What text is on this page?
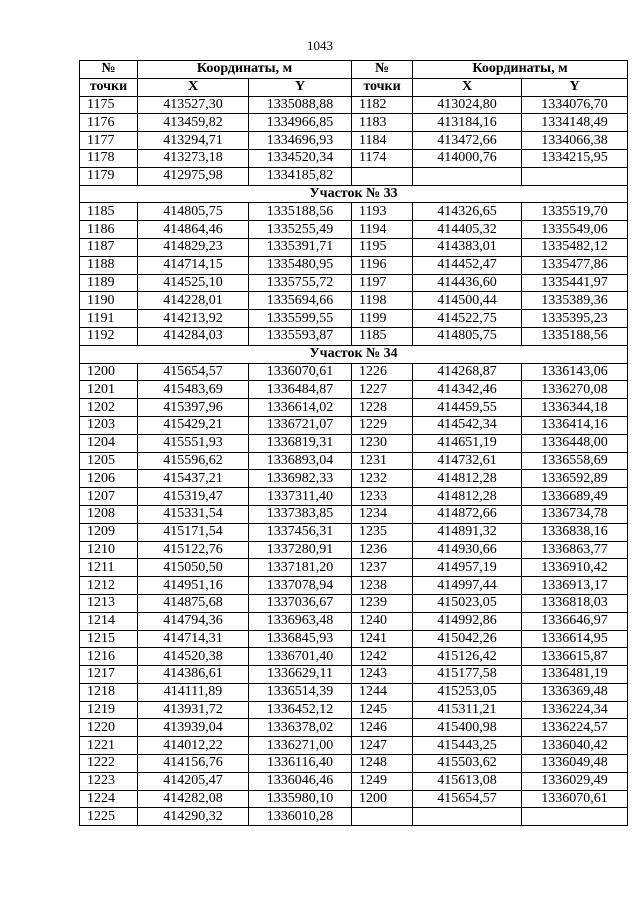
1043
№	Координаты, м		№	Координаты, м	
точки	X	Y	точки	X	Y
1175	413527,30	1335088,88	1182	413024,80	1334076,70
1176	413459,82	1334966,85	1183	413184,16	1334148,49
1177	413294,71	1334696,93	1184	413472,66	1334066,38
1178	413273,18	1334520,34	1174	414000,76	1334215,95
1179	412975,98	1334185,82			
Участок № 33					
1185	414805,75	1335188,56	1193	414326,65	1335519,70
1186	414864,46	1335255,49	1194	414405,32	1335549,06
1187	414829,23	1335391,71	1195	414383,01	1335482,12
1188	414714,15	1335480,95	1196	414452,47	1335477,86
1189	414525,10	1335755,72	1197	414436,60	1335441,97
1190	414228,01	1335694,66	1198	414500,44	1335389,36
1191	414213,92	1335599,55	1199	414522,75	1335395,23
1192	414284,03	1335593,87	1185	414805,75	1335188,56
Участок № 34					
1200	415654,57	1336070,61	1226	414268,87	1336143,06
1201	415483,69	1336484,87	1227	414342,46	1336270,08
1202	415397,96	1336614,02	1228	414459,55	1336344,18
1203	415429,21	1336721,07	1229	414542,34	1336414,16
1204	415551,93	1336819,31	1230	414651,19	1336448,00
1205	415596,62	1336893,04	1231	414732,61	1336558,69
1206	415437,21	1336982,33	1232	414812,28	1336592,89
1207	415319,47	1337311,40	1233	414812,28	1336689,49
1208	415331,54	1337383,85	1234	414872,66	1336734,78
1209	415171,54	1337456,31	1235	414891,32	1336838,16
1210	415122,76	1337280,91	1236	414930,66	1336863,77
1211	415050,50	1337181,20	1237	414957,19	1336910,42
1212	414951,16	1337078,94	1238	414997,44	1336913,17
1213	414875,68	1337036,67	1239	415023,05	1336818,03
1214	414794,36	1336963,48	1240	414992,86	1336646,97
1215	414714,31	1336845,93	1241	415042,26	1336614,95
1216	414520,38	1336701,40	1242	415126,42	1336615,87
1217	414386,61	1336629,11	1243	415177,58	1336481,19
1218	414111,89	1336514,39	1244	415253,05	1336369,48
1219	413931,72	1336452,12	1245	415311,21	1336224,34
1220	413939,04	1336378,02	1246	415400,98	1336224,57
1221	414012,22	1336271,00	1247	415443,25	1336040,42
1222	414156,76	1336116,40	1248	415503,62	1336049,48
1223	414205,47	1336046,46	1249	415613,08	1336029,49
1224	414282,08	1335980,10	1200	415654,57	1336070,61
1225	414290,32	1336010,28			
